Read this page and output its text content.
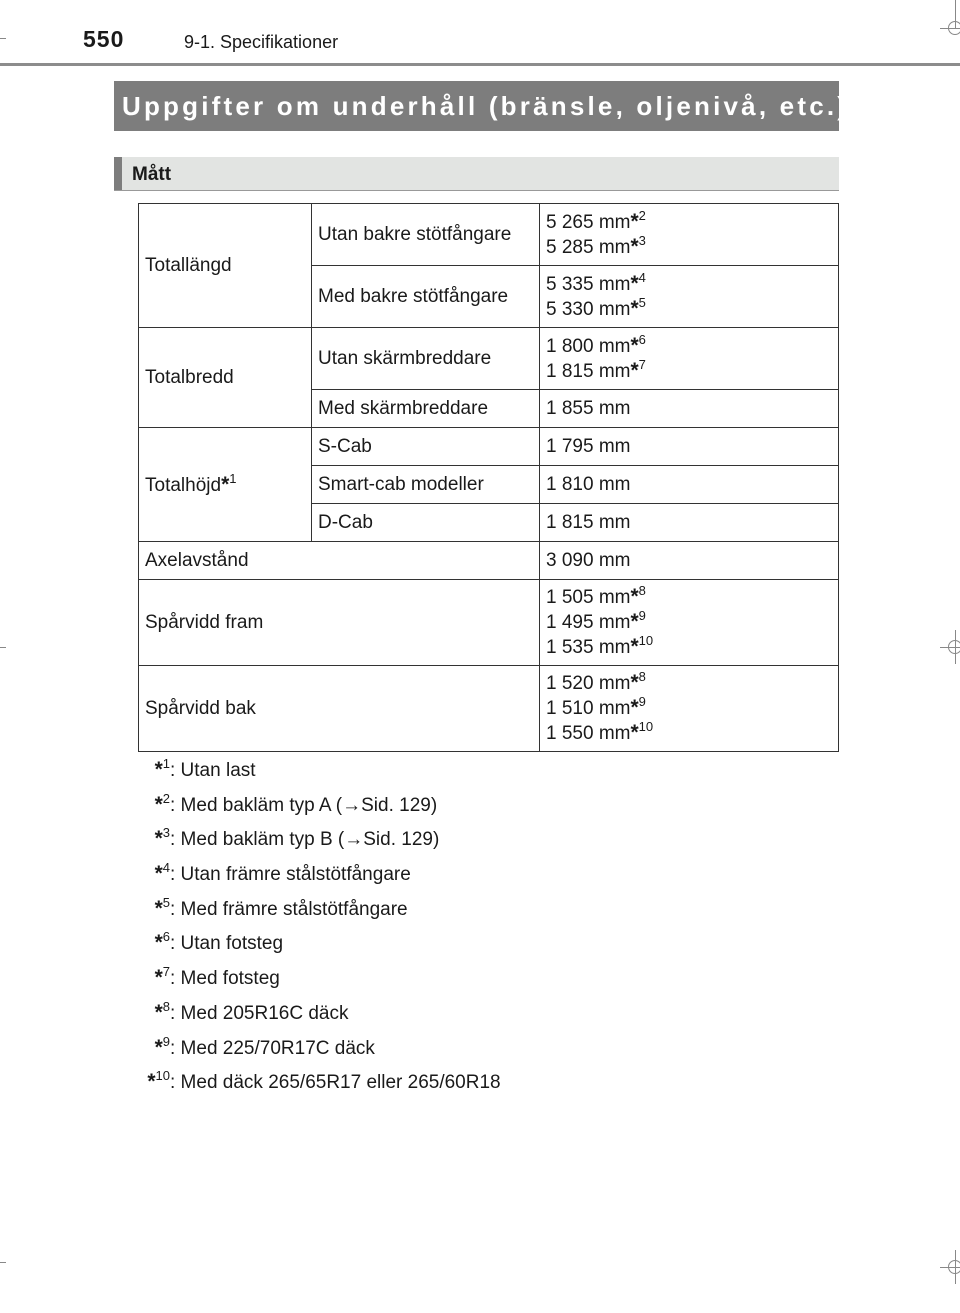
550	9-1. Specifikationer
Uppgifter om underhåll (bränsle, oljenivå, etc.)
Mått
Totallängd	Utan bakre stötfångare	5 265 mm*$^2$
5 285 mm*$^3$

	Med bakre stötfångare	5 335 mm*$^4$
5 330 mm*$^5$

Totalbredd	Utan skärmbreddare	1 800 mm*$^6$
1 815 mm*$^7$

	Med skärmbreddare	1 855 mm
Totalhöjd*$^1$	S-Cab	1 795 mm
	Smart-cab modeller	1 810 mm
	D-Cab	1 815 mm
Axelavstånd		3 090 mm
Spårvidd fram		1 505 mm*$^8$
1 495 mm*$^9$
1 535 mm*$^{10}$

Spårvidd bak		1 520 mm*$^8$
1 510 mm*$^9$
1 550 mm*$^{10}$
*$^1$: Utan last
*$^2$: Med bakläm typ A (→Sid. 129)
*$^3$: Med bakläm typ B (→Sid. 129)
*$^4$: Utan främre stålstötfångare
*$^5$: Med främre stålstötfångare
*$^6$: Utan fotsteg
*$^7$: Med fotsteg
*$^8$: Med 205R16C däck
*$^9$: Med 225/70R17C däck
*$^{10}$: Med däck 265/65R17 eller 265/60R18
